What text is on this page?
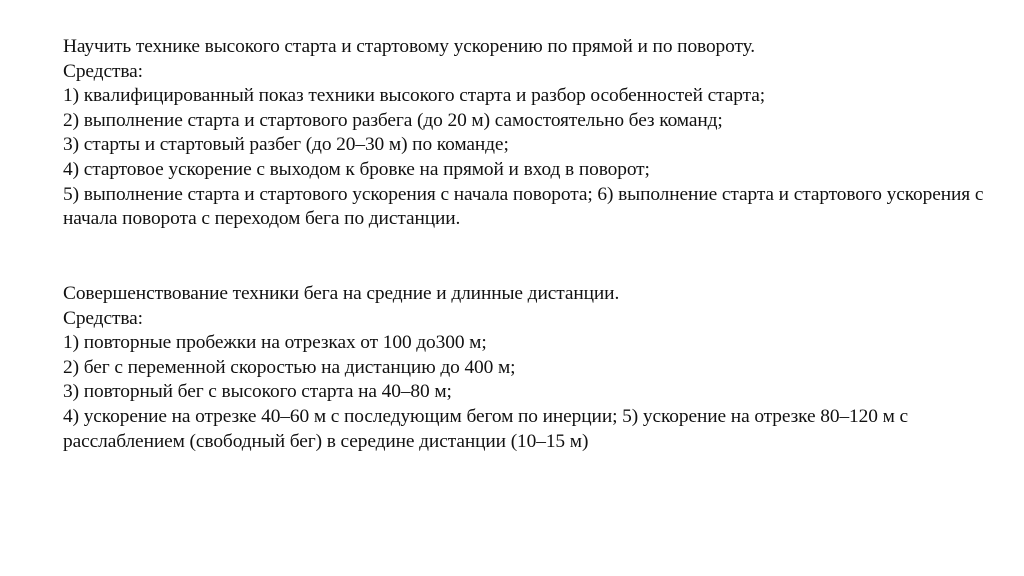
Научить технике высокого старта и стартовому ускорению по прямой и по повороту.
Средства:
1) квалифицированный показ техники высокого старта и разбор особенностей старта;
2) выполнение старта и стартового разбега (до 20 м) самостоятельно без команд;
3) старты и стартовый разбег (до 20–30 м) по команде;
4) стартовое ускорение с выходом к бровке на прямой и вход в поворот;
5) выполнение старта и стартового ускорения с начала поворота; 6) выполнение старта и стартового ускорения с начала поворота с переходом бега по дистанции.
Совершенствование техники бега на средние и длинные дистанции.
Средства:
1) повторные пробежки на отрезках от 100 до300 м;
2) бег с переменной скоростью на дистанцию до 400 м;
3) повторный бег с высокого старта на 40–80 м;
4) ускорение на отрезке 40–60 м с последующим бегом по инерции; 5) ускорение на отрезке 80–120 м с расслаблением (свободный бег) в середине дистанции (10–15 м)
